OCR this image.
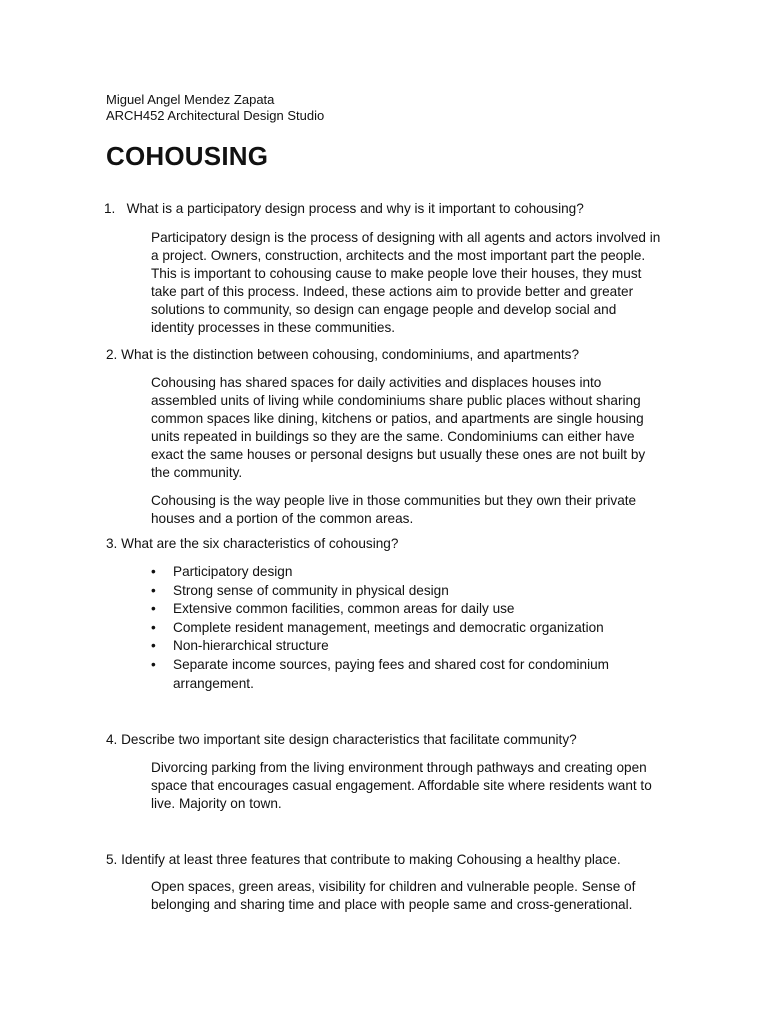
Miguel Angel Mendez Zapata
ARCH452 Architectural Design Studio
COHOUSING
1.   What is a participatory design process and why is it important to cohousing?

Participatory design is the process of designing with all agents and actors involved in a project. Owners, construction, architects and the most important part the people. This is important to cohousing cause to make people love their houses, they must take part of this process. Indeed, these actions aim to provide better and greater solutions to community, so design can engage people and develop social and identity processes in these communities.

2. What is the distinction between cohousing, condominiums, and apartments?

Cohousing has shared spaces for daily activities and displaces houses into assembled units of living while condominiums share public places without sharing common spaces like dining, kitchens or patios, and apartments are single housing units repeated in buildings so they are the same. Condominiums can either have exact the same houses or personal designs but usually these ones are not built by the community.

Cohousing is the way people live in those communities but they own their private houses and a portion of the common areas.

3. What are the six characteristics of cohousing?
• Participatory design
• Strong sense of community in physical design
• Extensive common facilities, common areas for daily use
• Complete resident management, meetings and democratic organization
• Non-hierarchical structure
• Separate income sources, paying fees and shared cost for condominium arrangement.
4. Describe two important site design characteristics that facilitate community?

Divorcing parking from the living environment through pathways and creating open space that encourages casual engagement. Affordable site where residents want to live. Majority on town.

5. Identify at least three features that contribute to making Cohousing a healthy place.

Open spaces, green areas, visibility for children and vulnerable people. Sense of belonging and sharing time and place with people same and cross-generational.
